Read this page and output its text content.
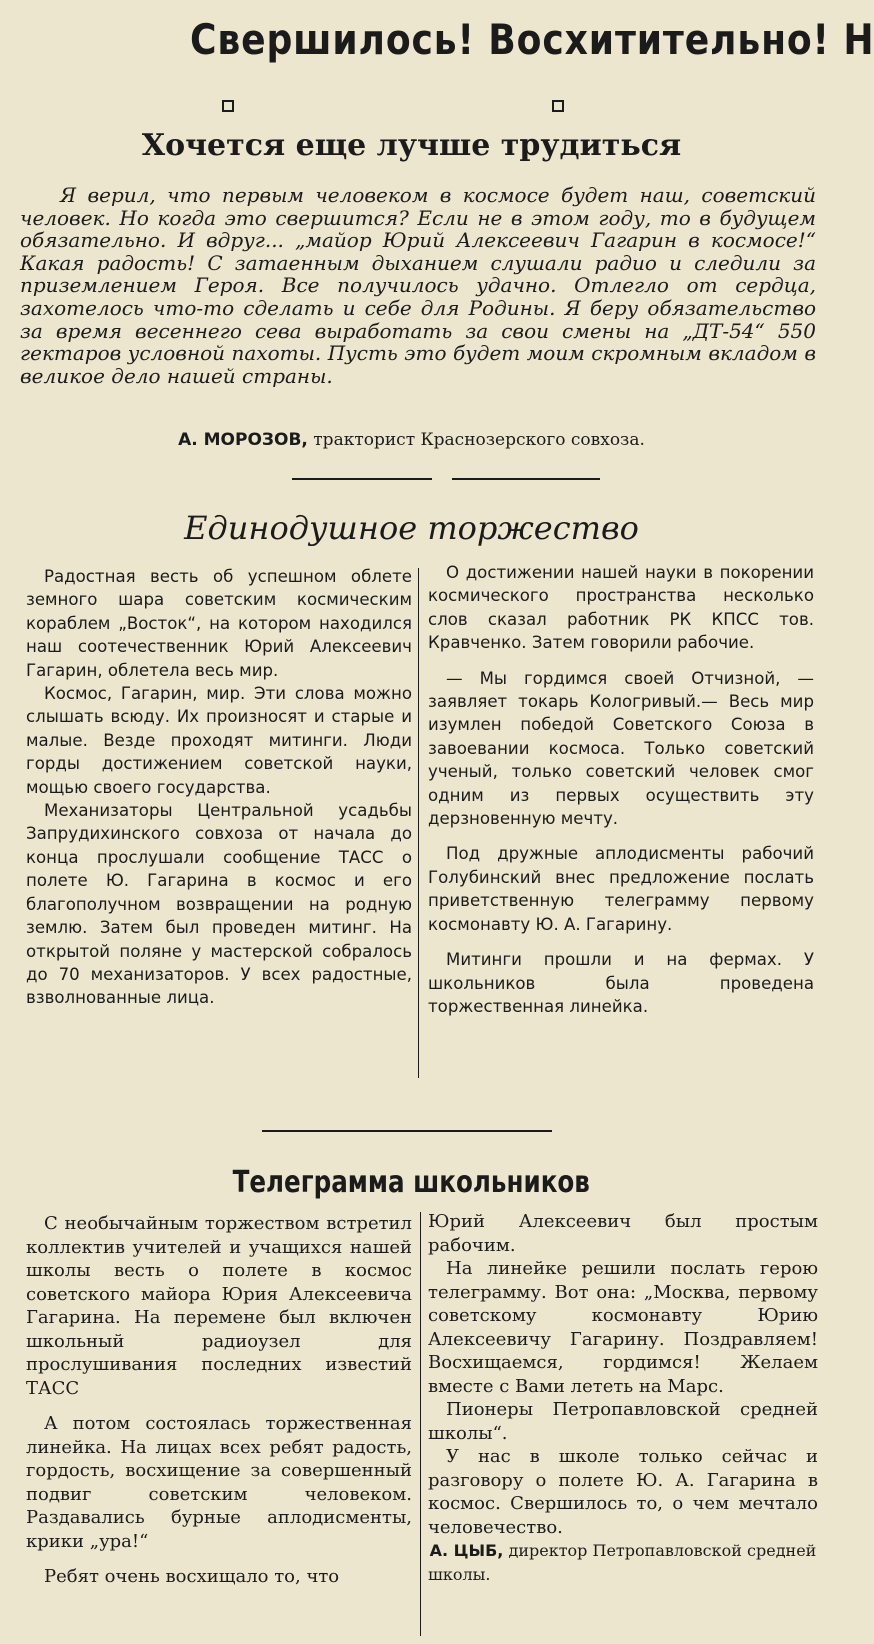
Свершилось! Восхитительно! Н
Хочется еще лучше трудиться

Я верил, что первым человеком в космосе будет наш, советский человек. Но когда это свершится? Если не в этом году, то в будущем обязательно. И вдруг... „майор Юрий Алексеевич Гагарин в космосе!“ Какая радость! С затаенным дыханием слушали радио и следили за приземлением Героя. Все получилось удачно. Отлегло от сердца, захотелось что-то сделать и себе для Родины. Я беру обязательство за время весеннего сева выработать за свои смены на „ДТ-54“ 550 гектаров условной пахоты. Пусть это будет моим скромным вкладом в великое дело нашей страны.

А. МОРОЗОВ, тракторист Краснозерского совхоза.
Единодушное торжество

Радостная весть об успешном облете земного шара советским космическим кораблем „Восток“, на котором находился наш соотечественник Юрий Алексеевич Гагарин, облетела весь мир.

Космос, Гагарин, мир. Эти слова можно слышать всюду. Их произносят и старые и малые. Везде проходят митинги. Люди горды достижением советской науки, мощью своего государства.

Механизаторы Центральной усадьбы Запрудихинского совхоза от начала до конца прослушали сообщение ТАСС о полете Ю. Гагарина в космос и его благополучном возвращении на родную землю. Затем был проведен митинг. На открытой поляне у мастерской собралось до 70 механизаторов. У всех радостные, взволнованные лица.

О достижении нашей науки в покорении космического пространства несколько слов сказал работник РК КПСС тов. Кравченко. Затем говорили рабочие.

— Мы гордимся своей Отчизной, — заявляет токарь Кологривый.— Весь мир изумлен победой Советского Союза в завоевании космоса. Только советский ученый, только советский человек смог одним из первых осуществить эту дерзновенную мечту.

Под дружные аплодисменты рабочий Голубинский внес предложение послать приветственную телеграмму первому космонавту Ю. А. Гагарину.

Митинги прошли и на фермах. У школьников была проведена торжественная линейка.

Телеграмма школьников

С необычайным торжеством встретил коллектив учителей и учащихся нашей школы весть о полете в космос советского майора Юрия Алексеевича Гагарина. На перемене был включен школьный радиоузел для прослушивания последних известий ТАСС

А потом состоялась торжественная линейка. На лицах всех ребят радость, гордость, восхищение за совершенный подвиг советским человеком. Раздавались бурные аплодисменты, крики „ура!“

Ребят очень восхищало то, что

Юрий Алексеевич был простым рабочим.

На линейке решили послать герою телеграмму. Вот она: „Москва, первому советскому космонавту Юрию Алексеевичу Гагарину. Поздравляем! Восхищаемся, гордимся! Желаем вместе с Вами лететь на Марс.

Пионеры Петропавловской средней школы“.

У нас в школе только сейчас и разговору о полете Ю. А. Гагарина в космос. Свершилось то, о чем мечтало человечество.

А. ЦЫБ, директор Петропавловской средней школы.
